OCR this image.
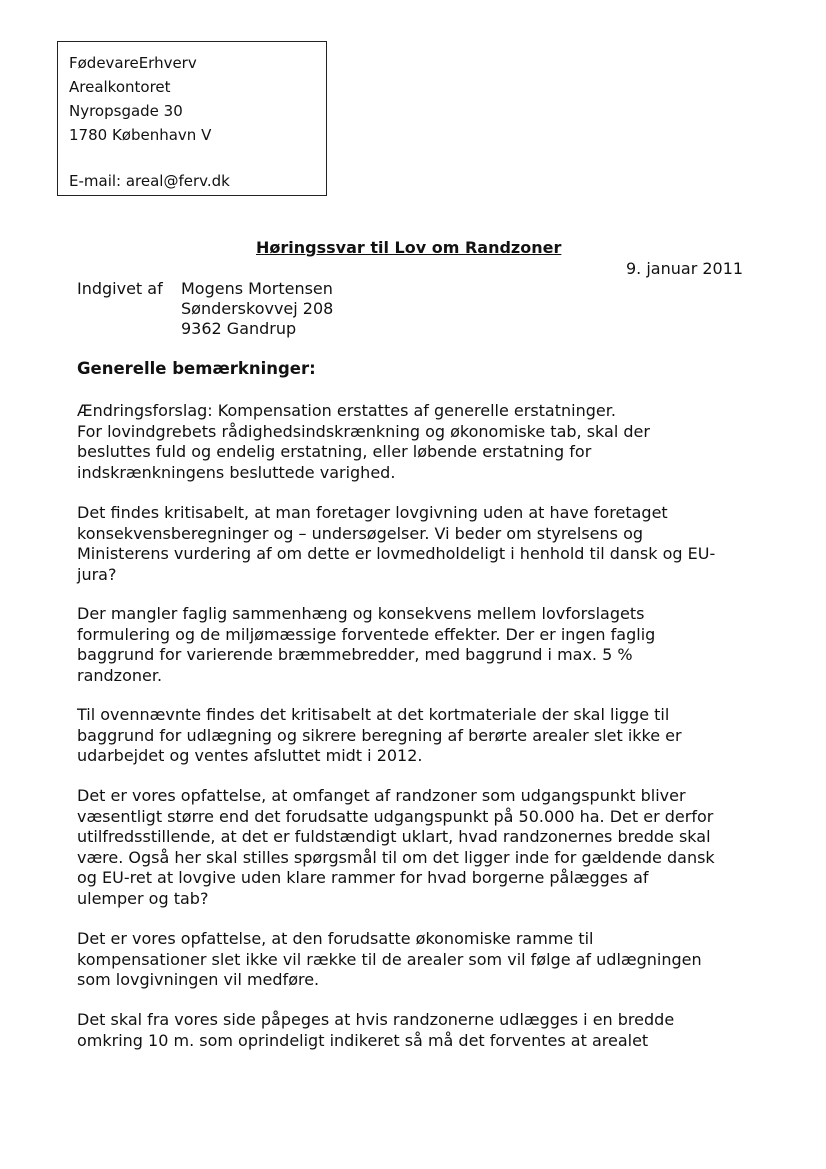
FødevareErhverv
Arealkontoret
Nyropsgade 30
1780 København V
E-mail: areal@ferv.dk
Høringssvar til Lov om Randzoner
9. januar 2011
Indgivet af Mogens Mortensen
Sønderskovvej 208
9362 Gandrup
Generelle bemærkninger:
Ændringsforslag: Kompensation erstattes af generelle erstatninger.
For lovindgrebets rådighedsindskrænkning og økonomiske tab, skal der
besluttes fuld og endelig erstatning, eller løbende erstatning for
indskrænkningens besluttede varighed.
Det findes kritisabelt, at man foretager lovgivning uden at have foretaget
konsekvensberegninger og – undersøgelser. Vi beder om styrelsens og
Ministerens vurdering af om dette er lovmedholdeligt i henhold til dansk og EU-
jura?
Der mangler faglig sammenhæng og konsekvens mellem lovforslagets
formulering og de miljømæssige forventede effekter. Der er ingen faglig
baggrund for varierende bræmmebredder, med baggrund i max. 5 %
randzoner.
Til ovennævnte findes det kritisabelt at det kortmateriale der skal ligge til
baggrund for udlægning og sikrere beregning af berørte arealer slet ikke er
udarbejdet og ventes afsluttet midt i 2012.
Det er vores opfattelse, at omfanget af randzoner som udgangspunkt bliver
væsentligt større end det forudsatte udgangspunkt på 50.000 ha. Det er derfor
utilfredsstillende, at det er fuldstændigt uklart, hvad randzonernes bredde skal
være. Også her skal stilles spørgsmål til om det ligger inde for gældende dansk
og EU-ret at lovgive uden klare rammer for hvad borgerne pålægges af
ulemper og tab?
Det er vores opfattelse, at den forudsatte økonomiske ramme til
kompensationer slet ikke vil række til de arealer som vil følge af udlægningen
som lovgivningen vil medføre.
Det skal fra vores side påpeges at hvis randzonerne udlægges i en bredde
omkring 10 m. som oprindeligt indikeret så må det forventes at arealet
